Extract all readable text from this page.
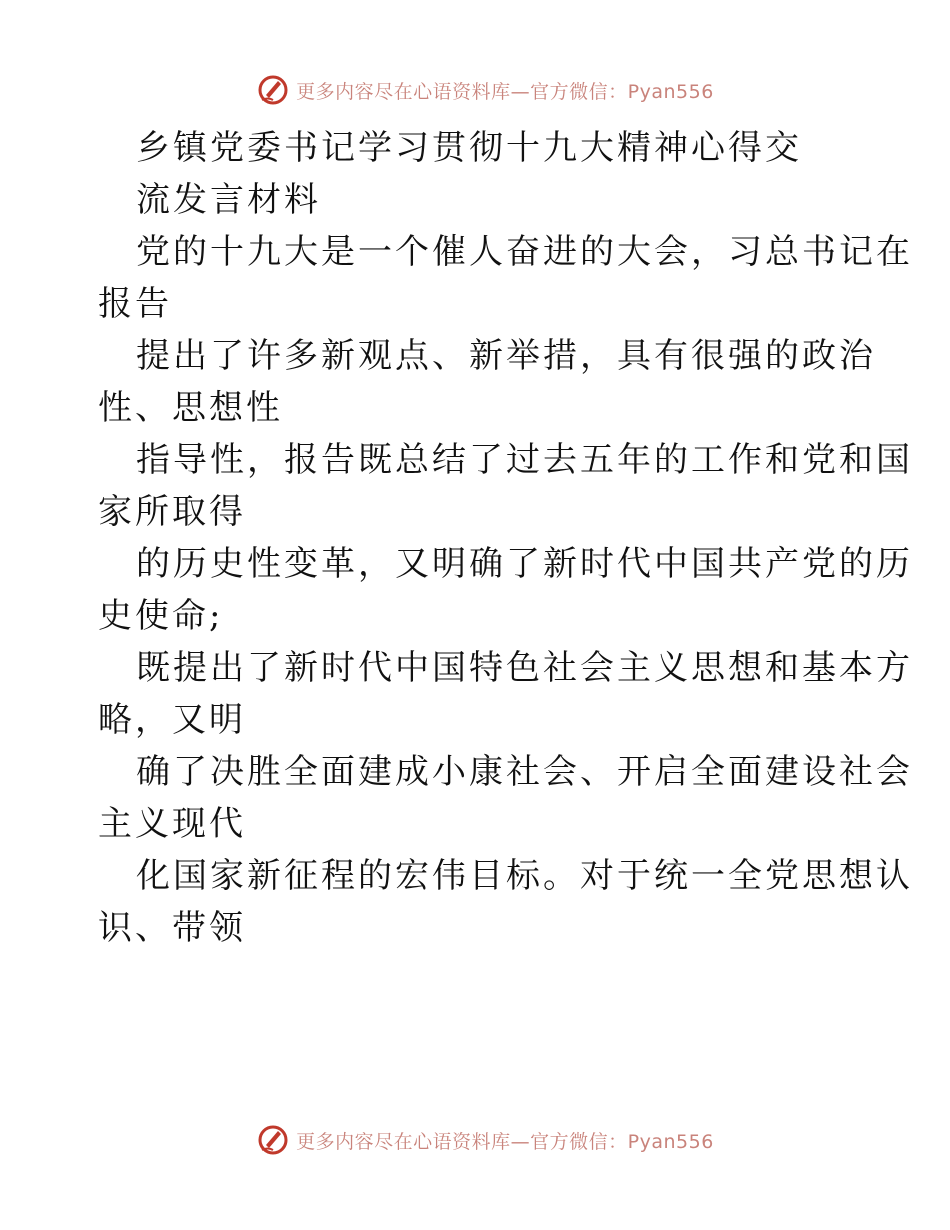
更多内容尽在心语资料库—官方微信：Pyan556
乡镇党委书记学习贯彻十九大精神心得交
流发言材料
党的十九大是一个催人奋进的大会，习总书记在
报告
提出了许多新观点、新举措，具有很强的政治
性、思想性
指导性，报告既总结了过去五年的工作和党和国
家所取得
的历史性变革，又明确了新时代中国共产党的历
史使命;
既提出了新时代中国特色社会主义思想和基本方
略，又明
确了决胜全面建成小康社会、开启全面建设社会
主义现代
化国家新征程的宏伟目标。对于统一全党思想认
识、带领
更多内容尽在心语资料库—官方微信：Pyan556
